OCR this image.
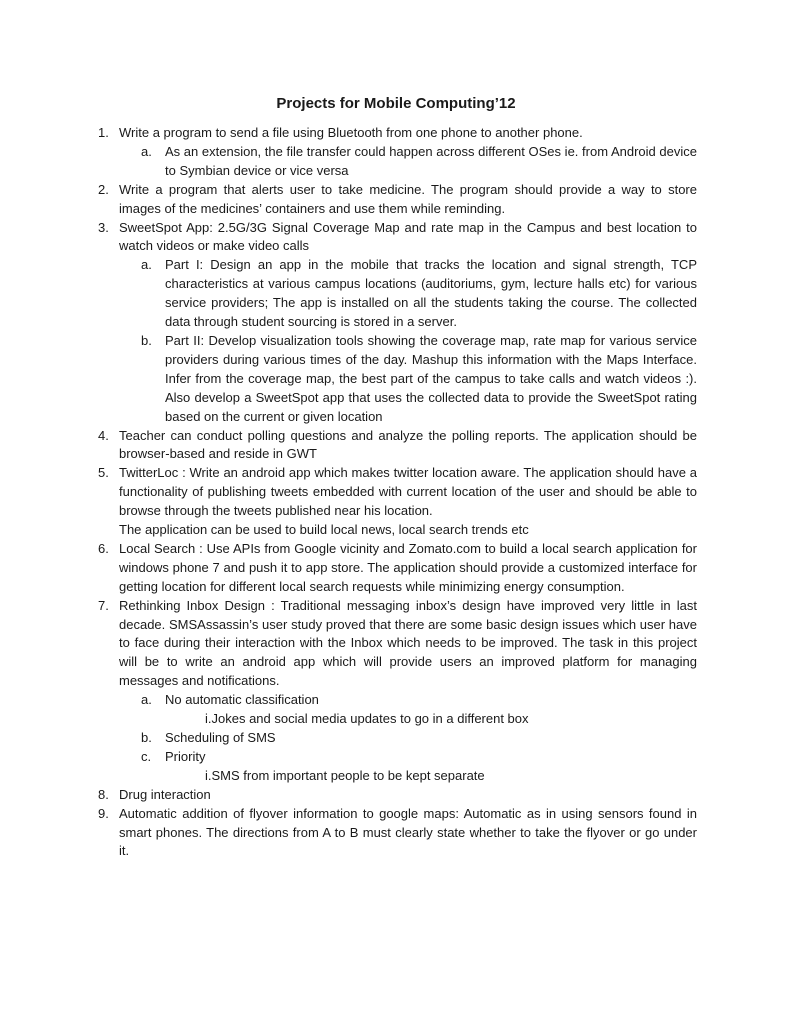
Projects for Mobile Computing’12
1. Write a program to send a file using Bluetooth from one phone to another phone.
a.	As an extension, the file transfer could happen across different OSes ie. from Android device to Symbian device or vice versa
2. Write a program that alerts user to take medicine. The program should provide a way to store images of the medicines’ containers and use them while reminding.
3. SweetSpot App: 2.5G/3G Signal Coverage Map and rate map in the Campus and best location to watch videos or make video calls
a.	Part I: Design an app in the mobile that tracks the location and signal strength, TCP characteristics at various campus locations (auditoriums, gym, lecture halls etc) for various service providers; The app is installed on all the students taking the course. The collected data through student sourcing is stored in a server.
b.	Part II: Develop visualization tools showing the coverage map, rate map for various service providers during various times of the day. Mashup this information with the Maps Interface. Infer from the coverage map, the best part of the campus to take calls and watch videos :). Also develop a SweetSpot app that uses the collected data to provide the SweetSpot rating based on the current or given location
4. Teacher can conduct polling questions and analyze the polling reports. The application should be browser-based and reside in GWT
5. TwitterLoc : Write an android app which makes twitter location aware. The application should have a functionality of publishing tweets embedded with current location of the user and should be able to browse through the tweets published near his location.
The application can be used to build local news, local search trends etc
6. Local Search : Use APIs from Google vicinity and Zomato.com to build a local search application for windows phone 7 and push it to app store. The application should provide a customized interface for getting location for different local search requests while minimizing energy consumption.
7. Rethinking Inbox Design : Traditional messaging inbox’s design have improved very little in last decade. SMSAssassin’s user study proved that there are some basic design issues which user have to face during their interaction with the Inbox which needs to be improved. The task in this project will be to write an android app which will provide users an improved platform for managing messages and notifications.
a.	No automatic classification
i.Jokes and social media updates to go in a different box
b.	Scheduling of SMS
c.	Priority
i.SMS from important people to be kept separate
8. Drug interaction
9. Automatic addition of flyover information to google maps: Automatic as in using sensors found in smart phones. The directions from A to B must clearly state whether to take the flyover or go under it.
